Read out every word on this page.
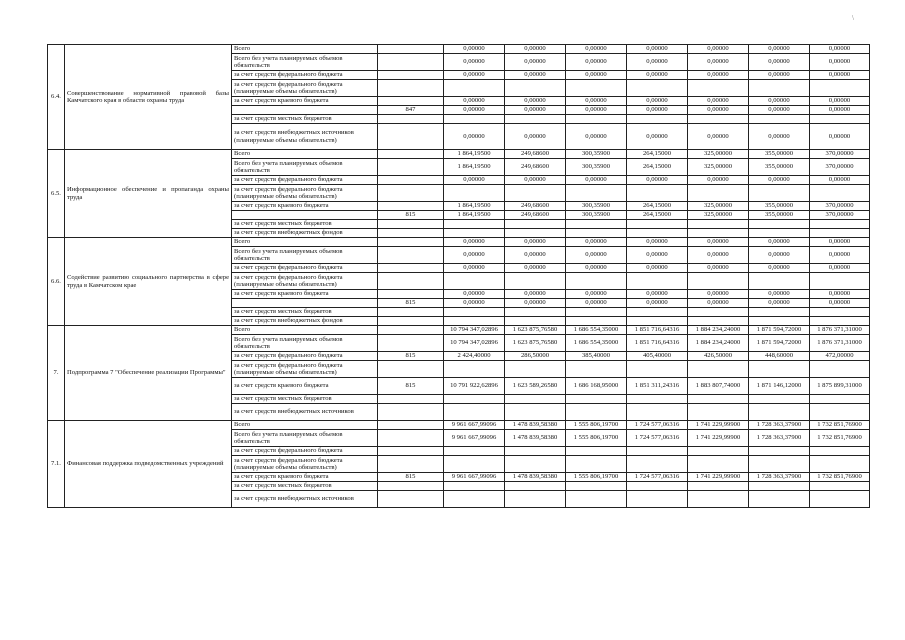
\
6.4.	Совершенствование нормативной правовой базы Камчатского края в области охраны труда	Всего		0,00000	0,00000	0,00000	0,00000	0,00000	0,00000	0,00000
		Всего без учета планируемых объемов обязательств		0,00000	0,00000	0,00000	0,00000	0,00000	0,00000	0,00000
		за счет средств федерального бюджета		0,00000	0,00000	0,00000	0,00000	0,00000	0,00000	0,00000
		за счет средств федерального бюджета (планируемые объемы обязательств)								
		за счет средств краевого бюджета		0,00000	0,00000	0,00000	0,00000	0,00000	0,00000	0,00000
			847	0,00000	0,00000	0,00000	0,00000	0,00000	0,00000	0,00000
		за счет средств местных бюджетов								
		за счет средств внебюджетных источников (планируемые объемы обязательств)		0,00000	0,00000	0,00000	0,00000	0,00000	0,00000	0,00000
6.5.	Информационное обеспечение и пропаганда охраны труда	Всего		1 864,19500	249,68600	300,35900	264,15000	325,00000	355,00000	370,00000
		Всего без учета планируемых объемов обязательств		1 864,19500	249,68600	300,35900	264,15000	325,00000	355,00000	370,00000
		за счет средств федерального бюджета		0,00000	0,00000	0,00000	0,00000	0,00000	0,00000	0,00000
		за счет средств федерального бюджета (планируемые объемы обязательств)								
		за счет средств краевого бюджета		1 864,19500	249,68600	300,35900	264,15000	325,00000	355,00000	370,00000
			815	1 864,19500	249,68600	300,35900	264,15000	325,00000	355,00000	370,00000
		за счет средств местных бюджетов								
		за счет средств внебюджетных фондов								
6.6.	Содействие развитию социального партнерства в сфере труда в Камчатском крае	Всего		0,00000	0,00000	0,00000	0,00000	0,00000	0,00000	0,00000
		Всего без учета планируемых объемов обязательств		0,00000	0,00000	0,00000	0,00000	0,00000	0,00000	0,00000
		за счет средств федерального бюджета		0,00000	0,00000	0,00000	0,00000	0,00000	0,00000	0,00000
		за счет средств федерального бюджета (планируемые объемы обязательств)								
		за счет средств краевого бюджета		0,00000	0,00000	0,00000	0,00000	0,00000	0,00000	0,00000
			815	0,00000	0,00000	0,00000	0,00000	0,00000	0,00000	0,00000
		за счет средств местных бюджетов								
		за счет средств внебюджетных фондов								
7.	Подпрограмма 7 "Обеспечение реализации Программы"	Всего		10 794 347,02896	1 623 875,76580	1 686 554,35000	1 851 716,64316	1 884 234,24000	1 871 594,72000	1 876 371,31000
		Всего без учета планируемых объемов обязательств		10 794 347,02896	1 623 875,76580	1 686 554,35000	1 851 716,64316	1 884 234,24000	1 871 594,72000	1 876 371,31000
		за счет средств федерального бюджета	815	2 424,40000	286,50000	385,40000	405,40000	426,50000	448,60000	472,00000
		за счет средств федерального бюджета (планируемые объемы обязательств)								
		за счет средств краевого бюджета	815	10 791 922,62896	1 623 589,26580	1 686 168,95000	1 851 311,24316	1 883 807,74000	1 871 146,12000	1 875 899,31000
		за счет средств местных бюджетов								
		за счет средств внебюджетных источников								
7.1.	Финансовая поддержка подведомственных учреждений	Всего		9 961 667,99096	1 478 839,58380	1 555 806,19700	1 724 577,06316	1 741 229,99900	1 728 363,37900	1 732 851,76900
		Всего без учета планируемых объемов обязательств		9 961 667,99096	1 478 839,58380	1 555 806,19700	1 724 577,06316	1 741 229,99900	1 728 363,37900	1 732 851,76900
		за счет средств федерального бюджета								
		за счет средств федерального бюджета (планируемые объемы обязательств)								
		за счет средств краевого бюджета	815	9 961 667,99096	1 478 839,58380	1 555 806,19700	1 724 577,06316	1 741 229,99900	1 728 363,37900	1 732 851,76900
		за счет средств местных бюджетов								
		за счет средств внебюджетных источников								
